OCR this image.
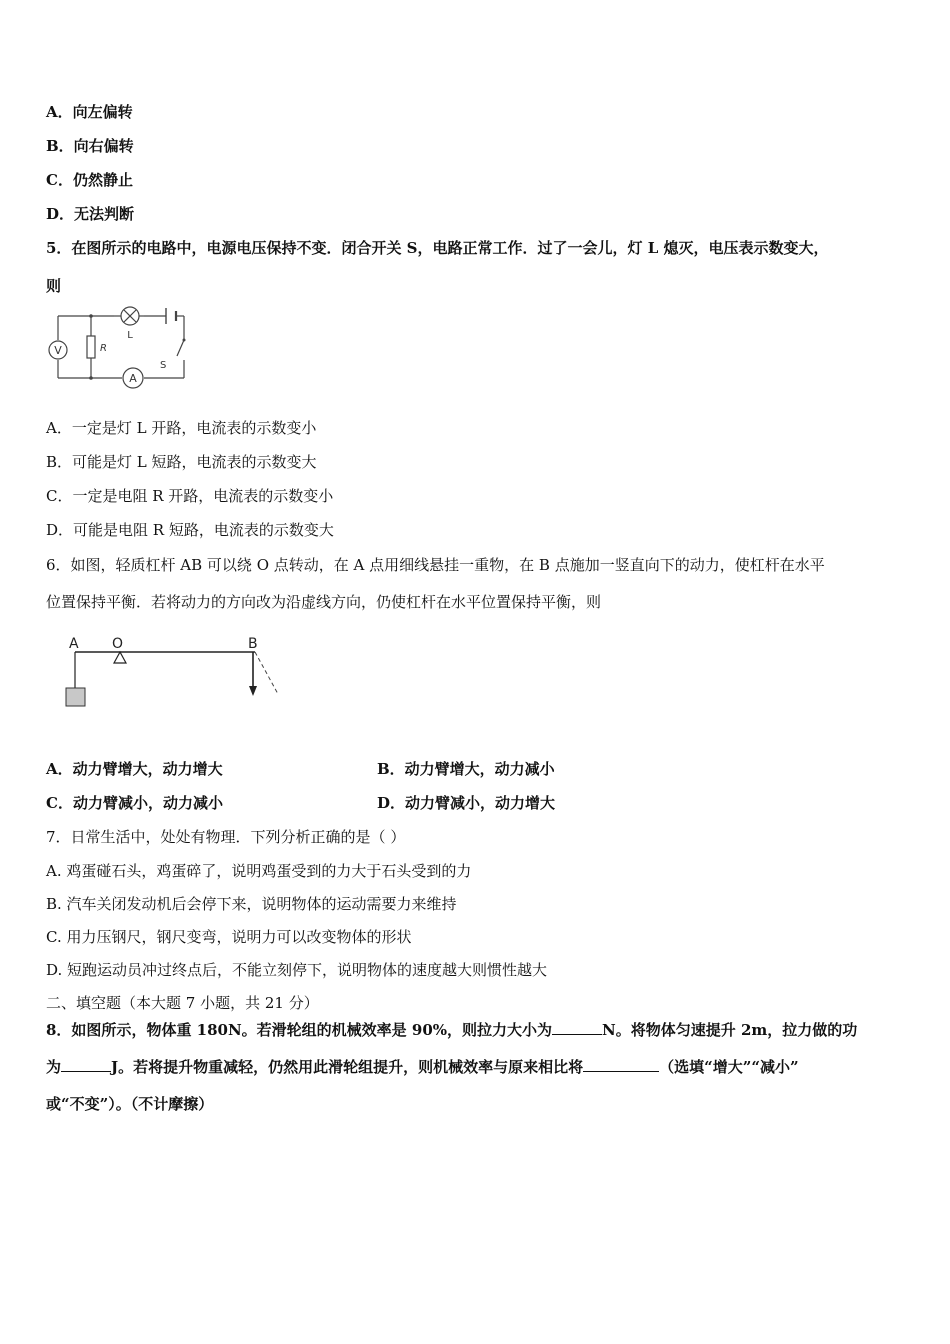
A．向左偏转
B．向右偏转
C．仍然静止
D．无法判断
5．在图所示的电路中，电源电压保持不变．闭合开关 S，电路正常工作．过了一会儿，灯 L 熄灭，电压表示数变大，
则
V
A
R
L
S
A．一定是灯 L 开路，电流表的示数变小
B．可能是灯 L 短路，电流表的示数变大
C．一定是电阻 R 开路，电流表的示数变小
D．可能是电阻 R 短路，电流表的示数变大
6．如图，轻质杠杆 AB 可以绕 O 点转动，在 A 点用细线悬挂一重物，在 B 点施加一竖直向下的动力，使杠杆在水平
位置保持平衡．若将动力的方向改为沿虚线方向，仍使杠杆在水平位置保持平衡，则
A O	B
A．动力臂增大，动力增大	B．动力臂增大，动力减小
C．动力臂减小，动力减小	D．动力臂减小，动力增大
7．日常生活中，处处有物理．下列分析正确的是（ ）
A. 鸡蛋碰石头，鸡蛋碎了，说明鸡蛋受到的力大于石头受到的力
B. 汽车关闭发动机后会停下来，说明物体的运动需要力来维持
C. 用力压钢尺，钢尺变弯，说明力可以改变物体的形状
D. 短跑运动员冲过终点后，不能立刻停下，说明物体的速度越大则惯性越大
二、填空题（本大题 7 小题，共 21 分）
8．如图所示，物体重 180N。若滑轮组的机械效率是 90%，则拉力大小为	N。将物体匀速提升 2m，拉力做的功
为	J。若将提升物重减轻，仍然用此滑轮组提升，则机械效率与原来相比将	（选填“增大”“减小”
或“不变”）。（不计摩擦）
